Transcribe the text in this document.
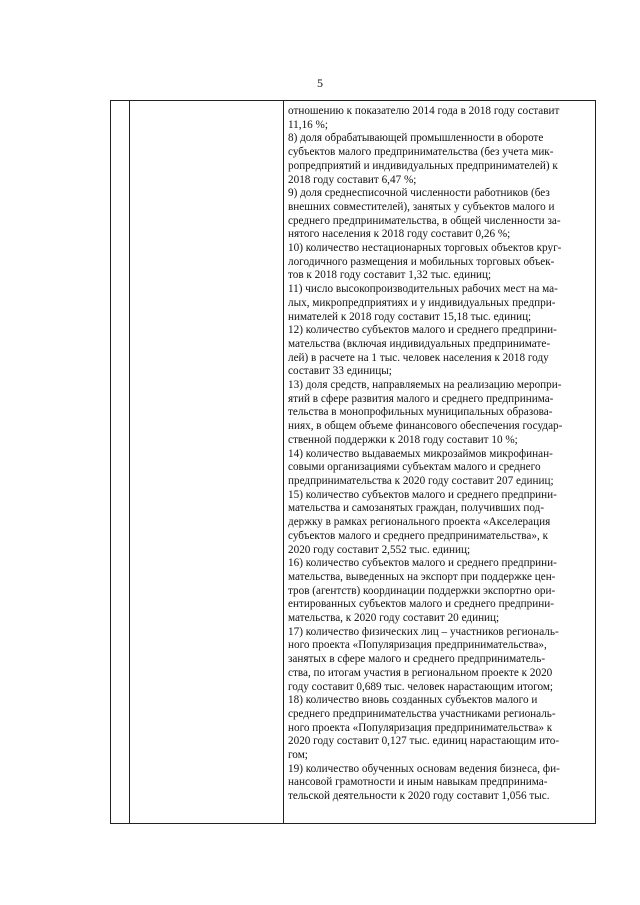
5

отношению к показателю 2014 года в 2018 году составит

11,16 %;

8) доля обрабатывающей промышленности в обороте

субъектов малого предпринимательства (без учета мик-

ропредприятий и индивидуальных предпринимателей) к

2018 году составит 6,47 %;

9) доля среднесписочной численности работников (без

внешних совместителей), занятых у субъектов малого и

среднего предпринимательства, в общей численности за-

нятого населения к 2018 году составит 0,26 %;

10) количество нестационарных торговых объектов круг-

логодичного размещения и мобильных торговых объек-

тов к 2018 году составит 1,32 тыс. единиц;

11) число высокопроизводительных рабочих мест на ма-

лых, микропредприятиях и у индивидуальных предпри-

нимателей к 2018 году составит 15,18 тыс. единиц;

12) количество субъектов малого и среднего предприни-

мательства (включая индивидуальных предпринимате-

лей) в расчете на 1 тыс. человек населения к 2018 году

составит 33 единицы;

13) доля средств, направляемых на реализацию меропри-

ятий в сфере развития малого и среднего предпринима-

тельства в монопрофильных муниципальных образова-

ниях, в общем объеме финансового обеспечения государ-

ственной поддержки к 2018 году составит 10 %;

14) количество выдаваемых микрозаймов микрофинан-

совыми организациями субъектам малого и среднего

предпринимательства к 2020 году составит 207 единиц;

15) количество субъектов малого и среднего предприни-

мательства и самозанятых граждан, получивших под-

держку в рамках регионального проекта «Акселерация

субъектов малого и среднего предпринимательства», к

2020 году составит 2,552 тыс. единиц;

16) количество субъектов малого и среднего предприни-

мательства, выведенных на экспорт при поддержке цен-

тров (агентств) координации поддержки экспортно ори-

ентированных субъектов малого и среднего предприни-

мательства, к 2020 году составит 20 единиц;

17) количество физических лиц – участников региональ-

ного проекта «Популяризация предпринимательства»,

занятых в сфере малого и среднего предприниматель-

ства, по итогам участия в региональном проекте к 2020

году составит 0,689 тыс. человек нарастающим итогом;

18) количество вновь созданных субъектов малого и

среднего предпринимательства участниками региональ-

ного проекта «Популяризация предпринимательства» к

2020 году составит 0,127 тыс. единиц нарастающим ито-

гом;

19) количество обученных основам ведения бизнеса, фи-

нансовой грамотности и иным навыкам предпринима-

тельской деятельности к 2020 году составит 1,056 тыс.
